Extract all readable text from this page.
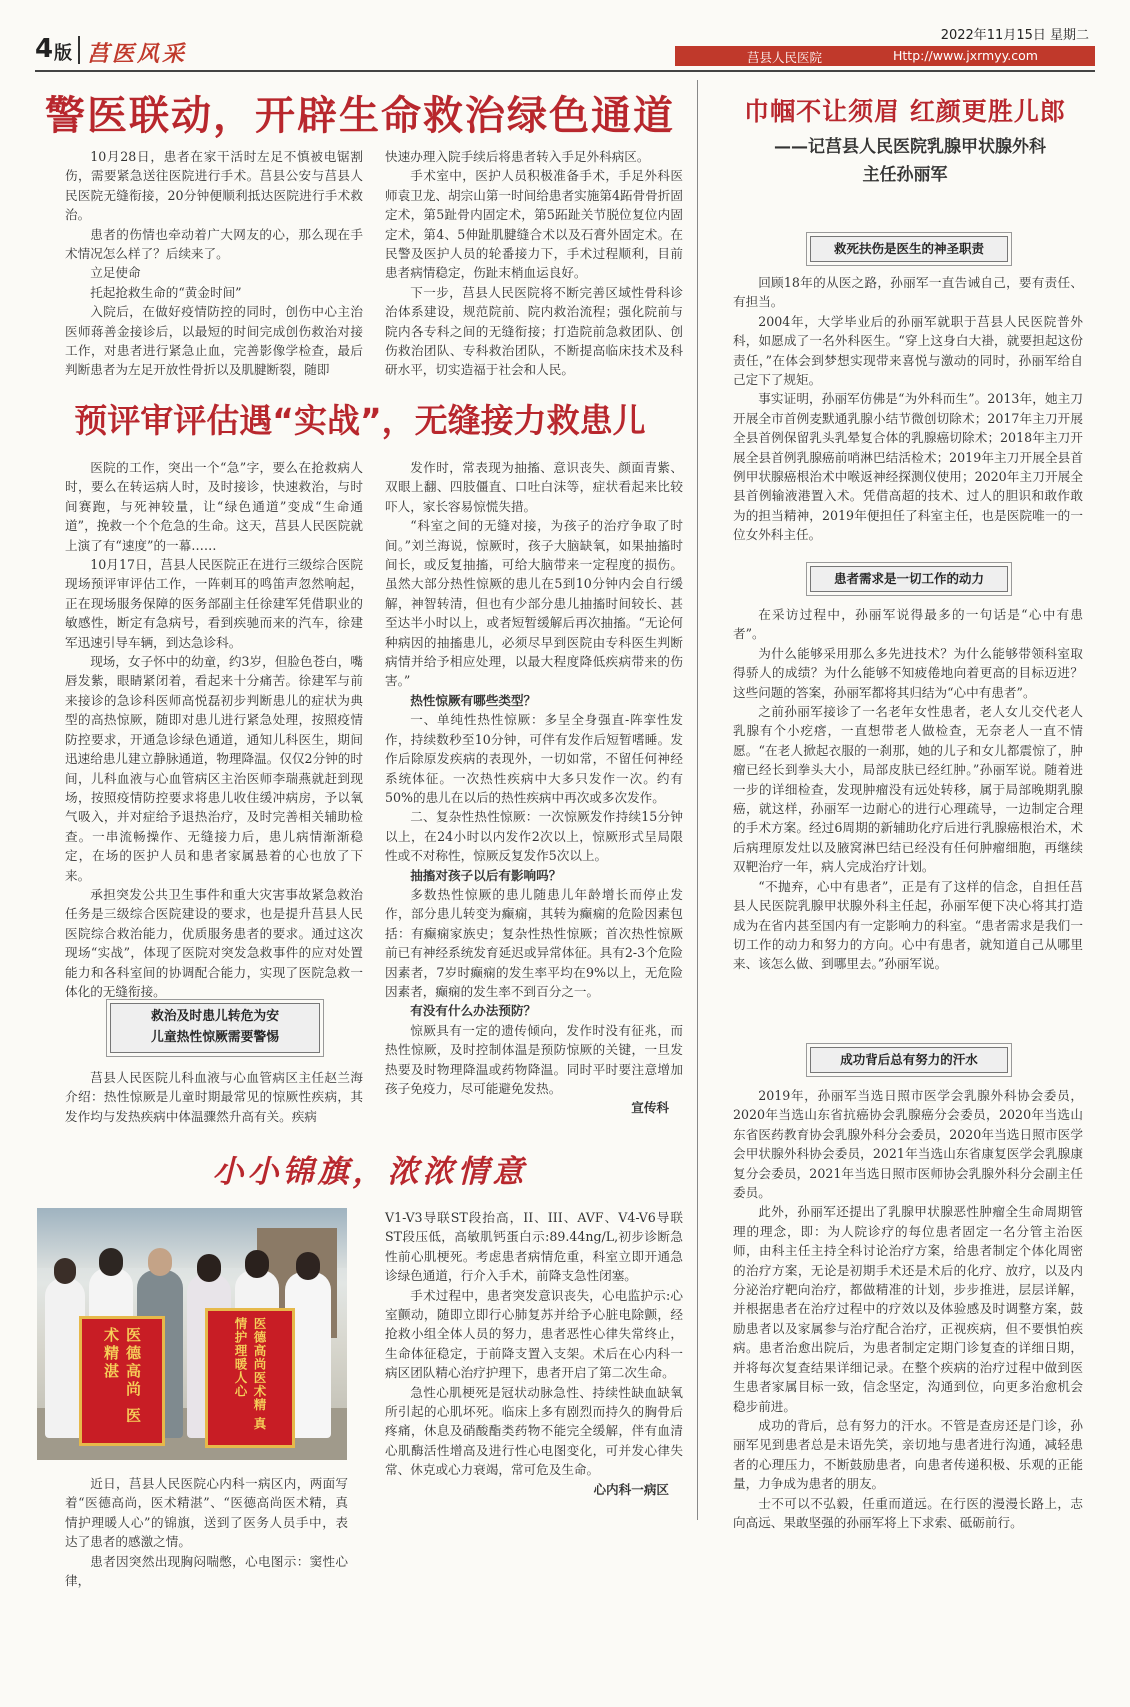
4 版 莒医风采
2022年11月15日 星期二
莒县人民医院	Http://www.jxrmyy.com
警医联动，开辟生命救治绿色通道

10月28日，患者在家干活时左足不慎被电锯割伤，需要紧急送往医院进行手术。莒县公安与莒县人民医院无缝衔接，20分钟便顺利抵达医院进行手术救治。

患者的伤情也牵动着广大网友的心，那么现在手术情况怎么样了？后续来了。

立足使命

托起抢救生命的“黄金时间”

入院后，在做好疫情防控的同时，创伤中心主治医师蒋善金接诊后，以最短的时间完成创伤救治对接工作，对患者进行紧急止血，完善影像学检查，最后判断患者为左足开放性骨折以及肌腱断裂，随即

快速办理入院手续后将患者转入手足外科病区。

手术室中，医护人员积极准备手术，手足外科医师袁卫龙、胡宗山第一时间给患者实施第4跖骨骨折固定术，第5趾骨内固定术，第5跖趾关节脱位复位内固定术，第4、5伸趾肌腱缝合术以及石膏外固定术。在民警及医护人员的轮番接力下，手术过程顺利，目前患者病情稳定，伤趾末梢血运良好。

下一步，莒县人民医院将不断完善区域性骨科诊治体系建设，规范院前、院内救治流程；强化院前与院内各专科之间的无缝衔接；打造院前急救团队、创伤救治团队、专科救治团队，不断提高临床技术及科研水平，切实造福于社会和人民。

预评审评估遇“实战”，无缝接力救患儿

医院的工作，突出一个“急”字，要么在抢救病人时，要么在转运病人时，及时接诊，快速救治，与时间赛跑，与死神较量，让“绿色通道”变成“生命通道”，挽救一个个危急的生命。这天，莒县人民医院就上演了有“速度”的一幕……

10月17日，莒县人民医院正在进行三级综合医院现场预评审评估工作，一阵刺耳的鸣笛声忽然响起，正在现场服务保障的医务部副主任徐建军凭借职业的敏感性，断定有急病号，看到疾驰而来的汽车，徐建军迅速引导车辆，到达急诊科。

现场，女子怀中的幼童，约3岁，但脸色苍白，嘴唇发紫，眼睛紧闭着，看起来十分痛苦。徐建军与前来接诊的急诊科医师高悦磊初步判断患儿的症状为典型的高热惊厥，随即对患儿进行紧急处理，按照疫情防控要求，开通急诊绿色通道，通知儿科医生，期间迅速给患儿建立静脉通道，物理降温。仅仅2分钟的时间，儿科血液与心血管病区主治医师李瑞燕就赶到现场，按照疫情防控要求将患儿收住缓冲病房，予以氧气吸入，并对症给予退热治疗，及时完善相关辅助检查。一串流畅操作、无缝接力后，患儿病情渐渐稳定，在场的医护人员和患者家属悬着的心也放了下来。

承担突发公共卫生事件和重大灾害事故紧急救治任务是三级综合医院建设的要求，也是提升莒县人民医院综合救治能力，优质服务患者的要求。通过这次现场“实战”，体现了医院对突发急救事件的应对处置能力和各科室间的协调配合能力，实现了医院急救一体化的无缝衔接。

救治及时患儿转危为安
儿童热性惊厥需要警惕

莒县人民医院儿科血液与心血管病区主任赵兰海介绍：热性惊厥是儿童时期最常见的惊厥性疾病，其发作均与发热疾病中体温骤然升高有关。疾病

发作时，常表现为抽搐、意识丧失、颜面青紫、双眼上翻、四肢僵直、口吐白沫等，症状看起来比较吓人，家长容易惊慌失措。

“科室之间的无缝对接，为孩子的治疗争取了时间。”刘兰海说，惊厥时，孩子大脑缺氧，如果抽搐时间长，或反复抽搐，可给大脑带来一定程度的损伤。虽然大部分热性惊厥的患儿在5到10分钟内会自行缓解，神智转清，但也有少部分患儿抽搐时间较长、甚至达半小时以上，或者短暂缓解后再次抽搐。“无论何种病因的抽搐患儿，必须尽早到医院由专科医生判断病情并给予相应处理，以最大程度降低疾病带来的伤害。”

热性惊厥有哪些类型？

一、单纯性热性惊厥：多呈全身强直-阵挛性发作，持续数秒至10分钟，可伴有发作后短暂嗜睡。发作后除原发疾病的表现外，一切如常，不留任何神经系统体征。一次热性疾病中大多只发作一次。约有50%的患儿在以后的热性疾病中再次或多次发作。

二、复杂性热性惊厥：一次惊厥发作持续15分钟以上，在24小时以内发作2次以上，惊厥形式呈局限性或不对称性，惊厥反复发作5次以上。

抽搐对孩子以后有影响吗？

多数热性惊厥的患儿随患儿年龄增长而停止发作，部分患儿转变为癫痫，其转为癫痫的危险因素包括：有癫痫家族史；复杂性热性惊厥；首次热性惊厥前已有神经系统发育延迟或异常体征。具有2-3个危险因素者，7岁时癫痫的发生率平均在9%以上，无危险因素者，癫痫的发生率不到百分之一。

有没有什么办法预防？

惊厥具有一定的遗传倾向，发作时没有征兆，而热性惊厥，及时控制体温是预防惊厥的关键，一旦发热要及时物理降温或药物降温。同时平时要注意增加孩子免疫力，尽可能避免发热。

宣传科

小小锦旗，浓浓情意
医德高尚 医术精湛	医德高尚医术精 真情护理暖人心

近日，莒县人民医院心内科一病区内，两面写着“医德高尚，医术精湛”、“医德高尚医术精，真情护理暖人心”的锦旗，送到了医务人员手中，表达了患者的感激之情。

患者因突然出现胸闷喘憋，心电图示：窦性心律，

V1-V3导联ST段抬高，II、III、AVF、V4-V6导联ST段压低，高敏肌钙蛋白示:89.44ng/L,初步诊断急性前心肌梗死。考虑患者病情危重，科室立即开通急诊绿色通道，行介入手术，前降支急性闭塞。

手术过程中，患者突发意识丧失，心电监护示:心室颤动，随即立即行心肺复苏并给予心脏电除颤，经抢救小组全体人员的努力，患者恶性心律失常终止，生命体征稳定，于前降支置入支架。术后在心内科一病区团队精心治疗护理下，患者开启了第二次生命。

急性心肌梗死是冠状动脉急性、持续性缺血缺氧所引起的心肌坏死。临床上多有剧烈而持久的胸骨后疼痛，休息及硝酸酯类药物不能完全缓解，伴有血清心肌酶活性增高及进行性心电图变化，可并发心律失常、休克或心力衰竭，常可危及生命。

心内科一病区

巾帼不让须眉 红颜更胜儿郎
——记莒县人民医院乳腺甲状腺外科
主任孙丽军
救死扶伤是医生的神圣职责

回顾18年的从医之路，孙丽军一直告诫自己，要有责任、有担当。

2004年，大学毕业后的孙丽军就职于莒县人民医院普外科，如愿成了一名外科医生。“穿上这身白大褂，就要担起这份责任，”在体会到梦想实现带来喜悦与激动的同时，孙丽军给自己定下了规矩。

事实证明，孙丽军仿佛是“为外科而生”。2013年，她主刀开展全市首例麦默通乳腺小结节微创切除术；2017年主刀开展全县首例保留乳头乳晕复合体的乳腺癌切除术；2018年主刀开展全县首例乳腺癌前哨淋巴结活检术；2019年主刀开展全县首例甲状腺癌根治术中喉返神经探测仪使用；2020年主刀开展全县首例输液港置入术。凭借高超的技术、过人的胆识和敢作敢为的担当精神，2019年便担任了科室主任，也是医院唯一的一位女外科主任。

患者需求是一切工作的动力

在采访过程中，孙丽军说得最多的一句话是“心中有患者”。

为什么能够采用那么多先进技术？为什么能够带领科室取得骄人的成绩？为什么能够不知疲倦地向着更高的目标迈进？这些问题的答案，孙丽军都将其归结为“心中有患者”。

之前孙丽军接诊了一名老年女性患者，老人女儿交代老人乳腺有个小疙瘩，一直想带老人做检查，无奈老人一直不情愿。“在老人掀起衣服的一刹那，她的儿子和女儿都震惊了，肿瘤已经长到拳头大小，局部皮肤已经红肿。”孙丽军说。随着进一步的详细检查，发现肿瘤没有远处转移，属于局部晚期乳腺癌，就这样，孙丽军一边耐心的进行心理疏导，一边制定合理的手术方案。经过6周期的新辅助化疗后进行乳腺癌根治术，术后病理原发灶以及腋窝淋巴结已经没有任何肿瘤细胞，再继续双靶治疗一年，病人完成治疗计划。

“不抛弃，心中有患者”，正是有了这样的信念，自担任莒县人民医院乳腺甲状腺外科主任起，孙丽军便下决心将其打造成为在省内甚至国内有一定影响力的科室。“患者需求是我们一切工作的动力和努力的方向。心中有患者，就知道自己从哪里来、该怎么做、到哪里去。”孙丽军说。

成功背后总有努力的汗水

2019年，孙丽军当选日照市医学会乳腺外科协会委员，2020年当选山东省抗癌协会乳腺癌分会委员，2020年当选山东省医药教育协会乳腺外科分会委员，2020年当选日照市医学会甲状腺外科协会委员，2021年当选山东省康复医学会乳腺康复分会委员，2021年当选日照市医师协会乳腺外科分会副主任委员。

此外，孙丽军还提出了乳腺甲状腺恶性肿瘤全生命周期管理的理念，即：为人院诊疗的每位患者固定一名分管主治医师，由科主任主持全科讨论治疗方案，给患者制定个体化周密的治疗方案，无论是初期手术还是术后的化疗、放疗，以及内分泌治疗靶向治疗，都做精准的计划，步步推进，层层详解，并根据患者在治疗过程中的疗效以及体验感及时调整方案，鼓励患者以及家属参与治疗配合治疗，正视疾病，但不要惧怕疾病。患者治愈出院后，为患者制定定期门诊复查的详细日期，并将每次复查结果详细记录。在整个疾病的治疗过程中做到医生患者家属目标一致，信念坚定，沟通到位，向更多治愈机会稳步前进。

成功的背后，总有努力的汗水。不管是查房还是门诊，孙丽军见到患者总是未语先笑，亲切地与患者进行沟通，减轻患者的心理压力，不断鼓励患者，向患者传递积极、乐观的正能量，力争成为患者的朋友。

士不可以不弘毅，任重而道远。在行医的漫漫长路上，志向高远、果敢坚强的孙丽军将上下求索、砥砺前行。
